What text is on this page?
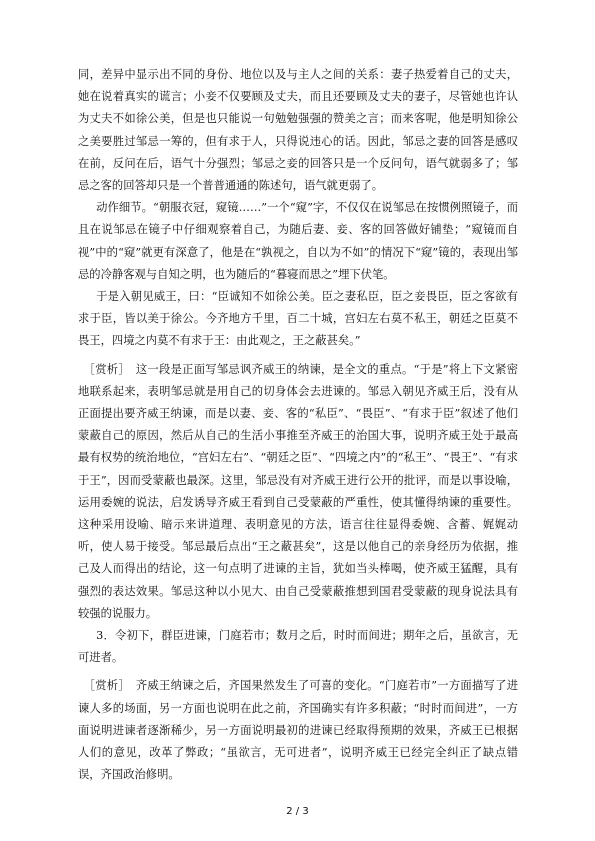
同，差异中显示出不同的身份、地位以及与主人之间的关系：妻子热爱着自己的丈夫，她在说着真实的谎言；小妾不仅要顾及丈夫，而且还要顾及丈夫的妻子，尽管她也许认为丈夫不如徐公美，但是也只能说一句勉勉强强的赞美之言；而来客呢，他是明知徐公之美要胜过邹忌一筹的，但有求于人，只得说违心的话。因此，邹忌之妻的回答是感叹在前，反问在后，语气十分强烈；邹忌之妾的回答只是一个反问句，语气就弱多了；邹忌之客的回答却只是一个普普通通的陈述句，语气就更弱了。

动作细节。“朝服衣冠，窥镜……”一个“窥”字，不仅仅在说邹忌在按惯例照镜子，而且在说邹忌在镜子中仔细观察着自己，为随后妻、妾、客的回答做好铺垫；“窥镜而自视”中的“窥”就更有深意了，他是在“孰视之，自以为不如”的情况下“窥”镜的，表现出邹忌的冷静客观与自知之明，也为随后的“暮寝而思之”埋下伏笔。

于是入朝见威王，曰：“臣诚知不如徐公美。臣之妻私臣，臣之妾畏臣，臣之客欲有求于臣，皆以美于徐公。今齐地方千里，百二十城，宫妇左右莫不私王，朝廷之臣莫不畏王，四境之内莫不有求于王：由此观之，王之蔽甚矣。”

［赏析］　这一段是正面写邹忌讽齐威王的纳谏，是全文的重点。“于是”将上下文紧密地联系起来，表明邹忌就是用自己的切身体会去进谏的。邹忌入朝见齐威王后，没有从正面提出要齐威王纳谏，而是以妻、妾、客的“私臣”、“畏臣”、“有求于臣”叙述了他们蒙蔽自己的原因，然后从自己的生活小事推至齐威王的治国大事，说明齐威王处于最高最有权势的统治地位，“宫妇左右”、“朝廷之臣”、“四境之内”的“私王”、“畏王”、“有求于王”，因而受蒙蔽也最深。这里，邹忌没有对齐威王进行公开的批评，而是以事设喻，运用委婉的说法，启发诱导齐威王看到自己受蒙蔽的严重性，使其懂得纳谏的重要性。这种采用设喻、暗示来讲道理、表明意见的方法，语言往往显得委婉、含蓄、娓娓动听，使人易于接受。邹忌最后点出“王之蔽甚矣”，这是以他自己的亲身经历为依据，推己及人而得出的结论，这一句点明了进谏的主旨，犹如当头棒喝，使齐威王猛醒，具有强烈的表达效果。邹忌这种以小见大、由自己受蒙蔽推想到国君受蒙蔽的现身说法具有较强的说服力。

3．令初下，群臣进谏，门庭若市；数月之后，时时而间进；期年之后，虽欲言，无可进者。

［赏析］　齐威王纳谏之后，齐国果然发生了可喜的变化。“门庭若市”一方面描写了进谏人多的场面，另一方面也说明在此之前，齐国确实有许多积蔽；“时时而间进”，一方面说明进谏者逐渐稀少，另一方面说明最初的进谏已经取得预期的效果，齐威王已根据人们的意见，改革了弊政；“虽欲言，无可进者”，说明齐威王已经完全纠正了缺点错误，齐国政治修明。

2 / 3
